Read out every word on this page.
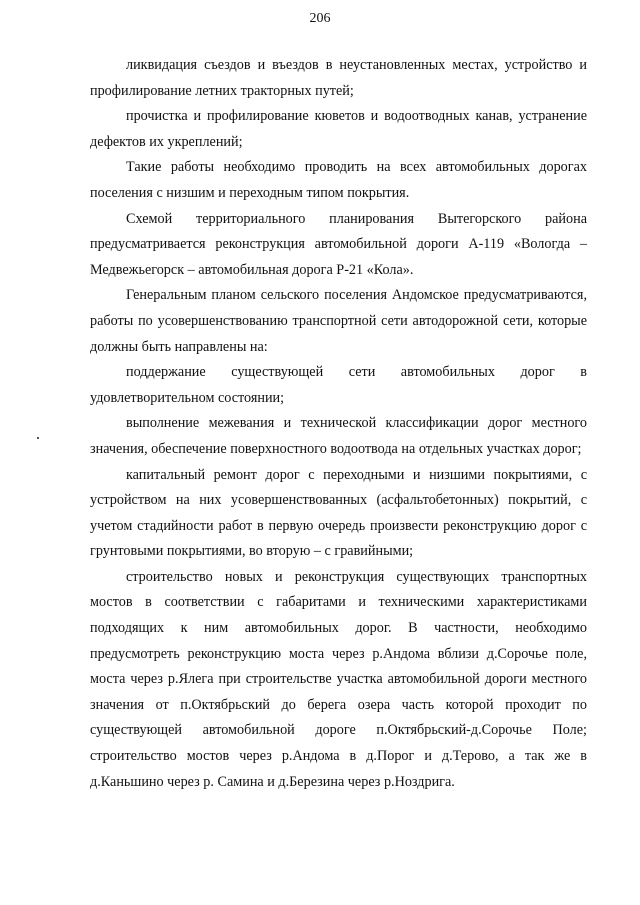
206

ликвидация съездов и въездов в неустановленных местах, устройство и профилирование летних тракторных путей;

прочистка и профилирование кюветов и водоотводных канав, устранение дефектов их укреплений;

Такие работы необходимо проводить на всех автомобильных дорогах поселения с низшим и переходным типом покрытия.

Схемой территориального планирования Вытегорского района предусматривается реконструкция автомобильной дороги А-119 «Вологда – Медвежьегорск – автомобильная дорога Р-21 «Кола».

Генеральным планом сельского поселения Андомское предусматриваются, работы по усовершенствованию транспортной сети автодорожной сети, которые должны быть направлены на:

поддержание существующей сети автомобильных дорог в удовлетворительном состоянии;

выполнение межевания и технической классификации дорог местного значения, обеспечение поверхностного водоотвода на отдельных участках дорог;

капитальный ремонт дорог с переходными и низшими покрытиями, с устройством на них усовершенствованных (асфальтобетонных) покрытий, с учетом стадийности работ в первую очередь произвести реконструкцию дорог с грунтовыми покрытиями, во вторую – с гравийными;

строительство новых и реконструкция существующих транспортных мостов в соответствии с габаритами и техническими характеристиками подходящих к ним автомобильных дорог. В частности, необходимо предусмотреть реконструкцию моста через р.Андома вблизи д.Сорочье поле, моста через р.Ялега при строительстве участка автомобильной дороги местного значения от п.Октябрьский до берега озера часть которой проходит по существующей автомобильной дороге п.Октябрьский-д.Сорочье Поле; строительство мостов через р.Андома в д.Порог и д.Терово, а так же в д.Каньшино через р. Самина и д.Березина через р.Ноздрига.
